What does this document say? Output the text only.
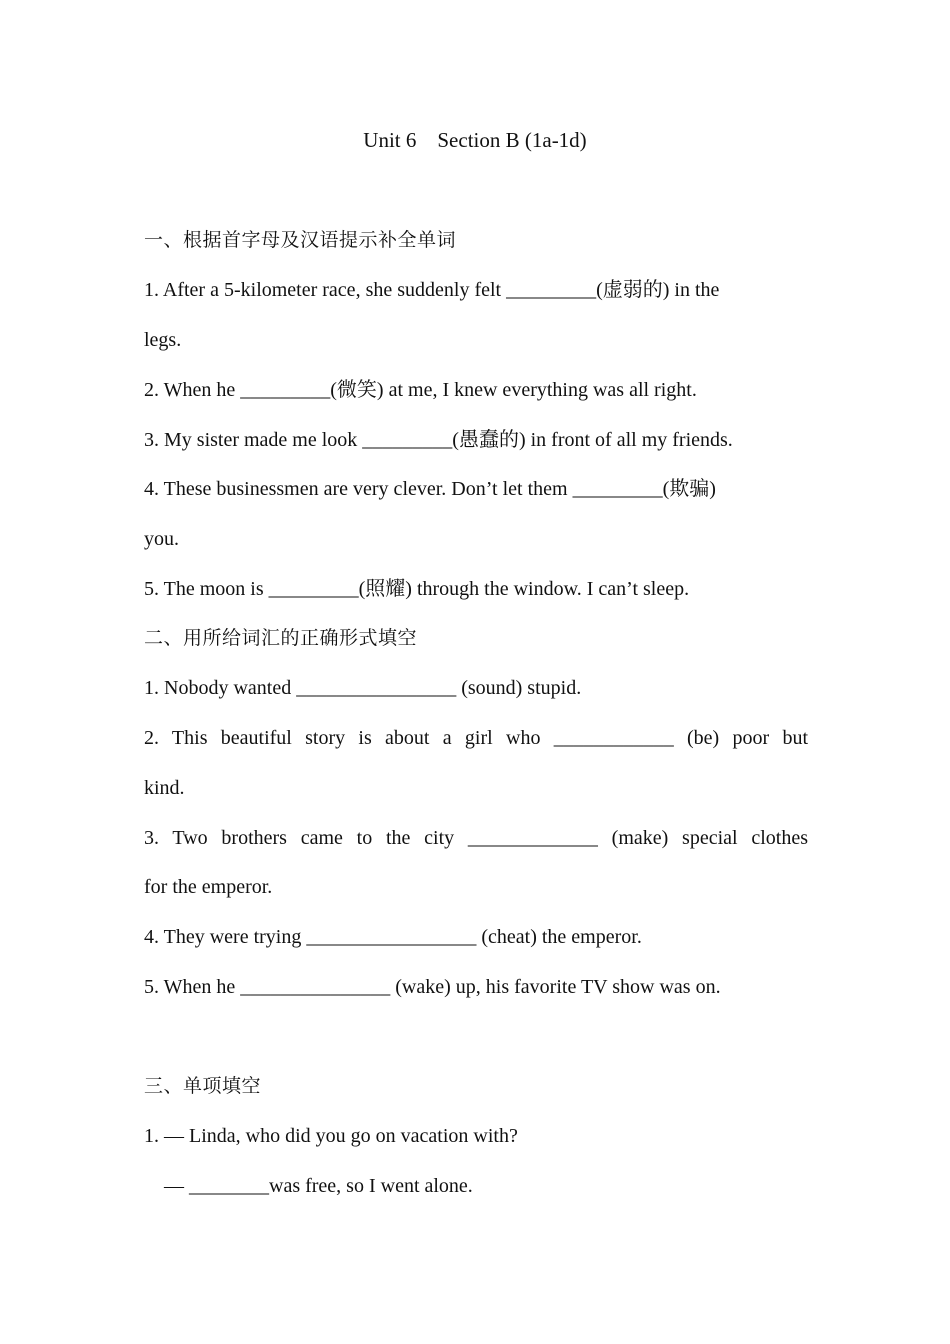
Unit 6    Section B (1a-1d)
一、根据首字母及汉语提示补全单词
1. After a 5-kilometer race, she suddenly felt _________(虚弱的) in the
legs.
2. When he _________(微笑) at me, I knew everything was all right.
3. My sister made me look _________(愚蠢的) in front of all my friends.
4. These businessmen are very clever. Don’t let them _________(欺骗)
you.
5. The moon is _________(照耀) through the window. I can’t sleep.
二、用所给词汇的正确形式填空
1. Nobody wanted ________________ (sound) stupid.
2. This beautiful story is about a girl who ____________ (be) poor but
kind.
3. Two brothers came to the city _____________ (make) special clothes
for the emperor.
4. They were trying _________________ (cheat) the emperor.
5. When he _______________ (wake) up, his favorite TV show was on.
三、单项填空
1. — Linda, who did you go on vacation with?
— ________was free, so I went alone.
